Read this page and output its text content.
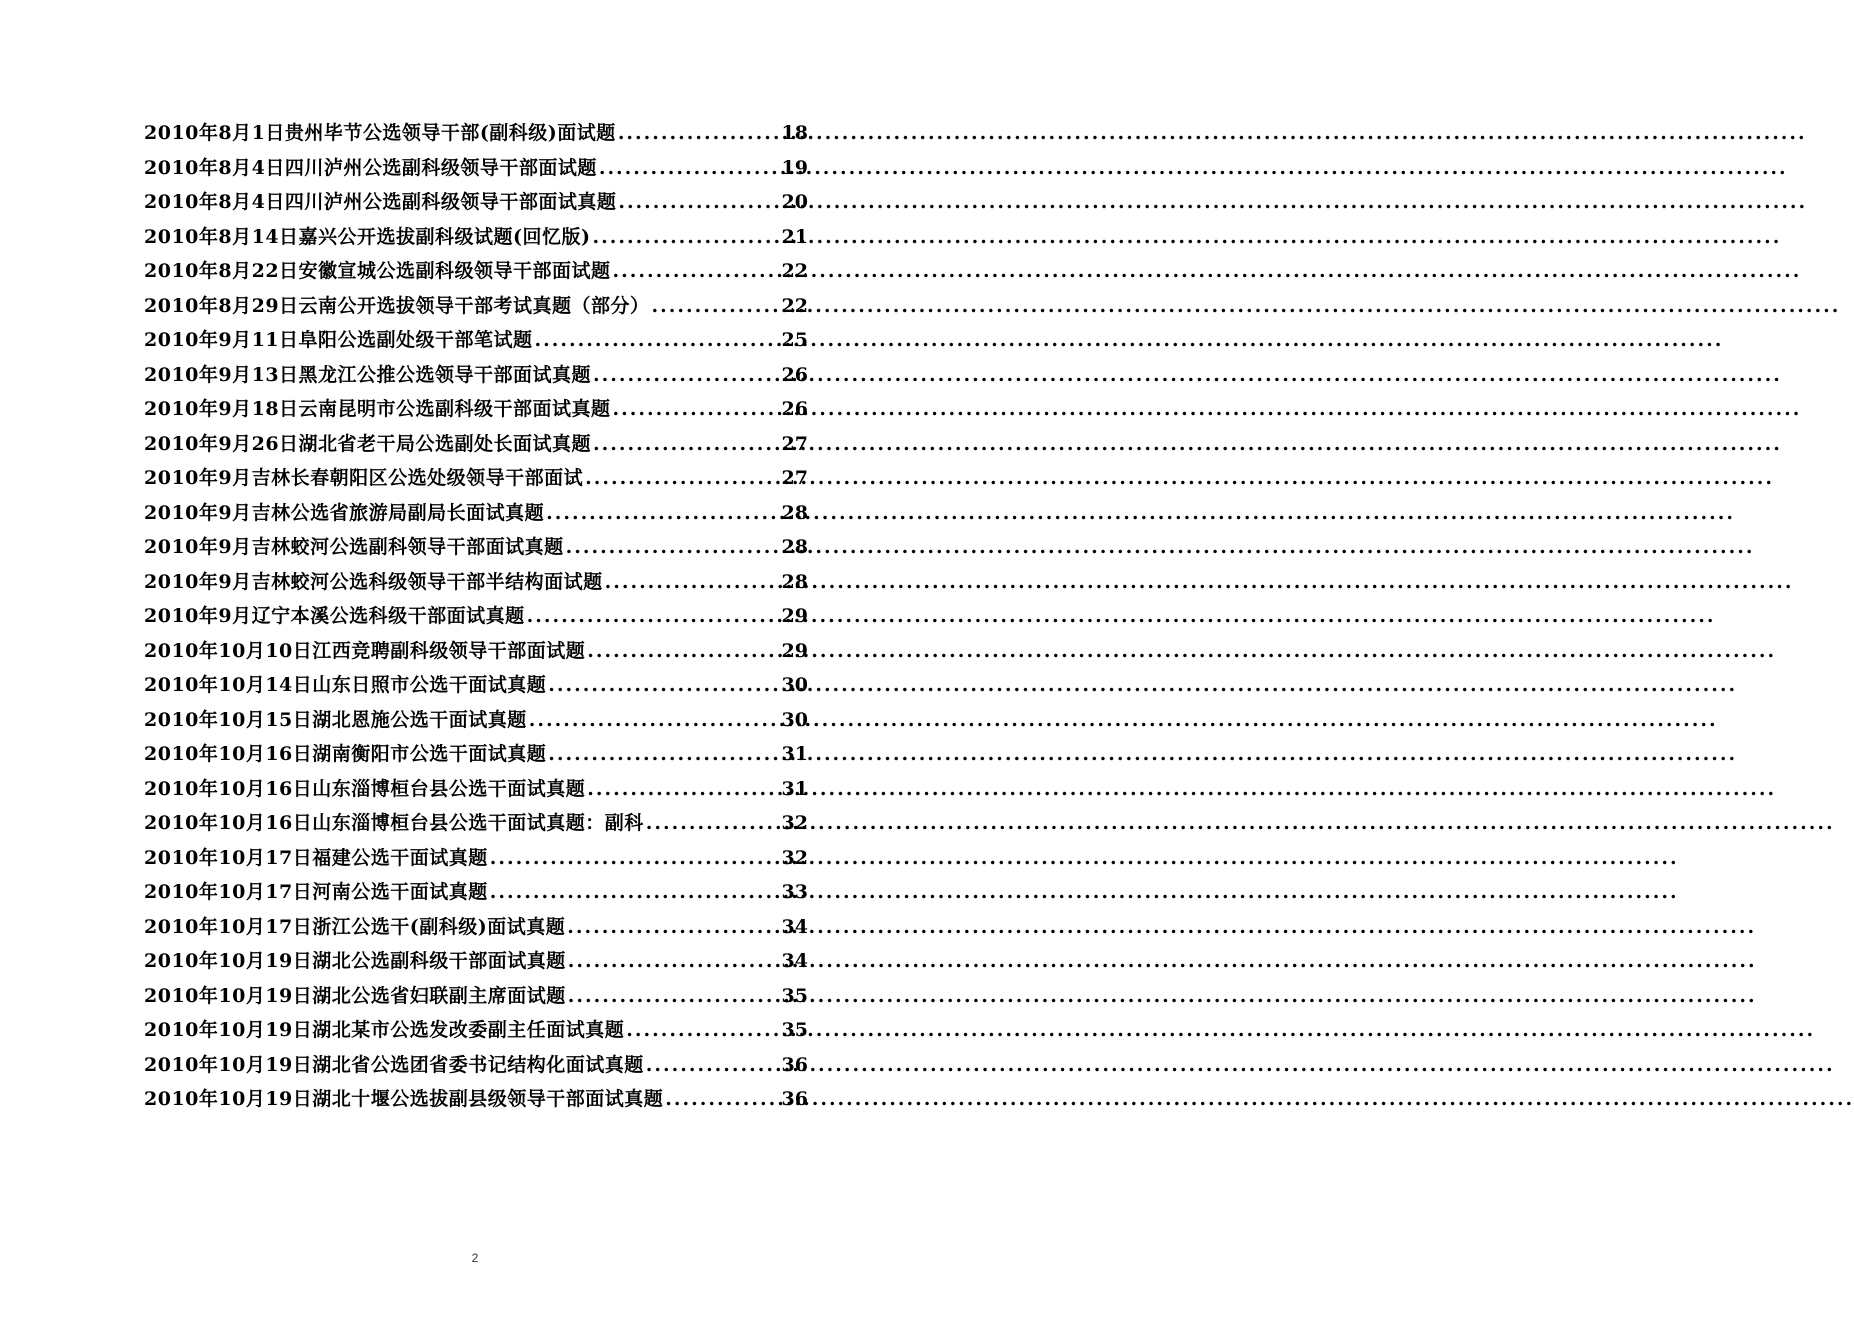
2010年8月1日贵州毕节公选领导干部(副科级)面试题 .....	18
2010年8月4日四川泸州公选副科级领导干部面试题 .....	19
2010年8月4日四川泸州公选副科级领导干部面试真题 .....	20
2010年8月14日嘉兴公开选拔副科级试题(回忆版) .....	21
2010年8月22日安徽宣城公选副科级领导干部面试题 .....	22
2010年8月29日云南公开选拔领导干部考试真题（部分） .....	22
2010年9月11日阜阳公选副处级干部笔试题 .....	25
2010年9月13日黑龙江公推公选领导干部面试真题 .....	26
2010年9月18日云南昆明市公选副科级干部面试真题 .....	26
2010年9月26日湖北省老干局公选副处长面试真题 .....	27
2010年9月吉林长春朝阳区公选处级领导干部面试 .....	27
2010年9月吉林公选省旅游局副局长面试真题 .....	28
2010年9月吉林蛟河公选副科领导干部面试真题 .....	28
2010年9月吉林蛟河公选科级领导干部半结构面试题 .....	28
2010年9月辽宁本溪公选科级干部面试真题 .....	29
2010年10月10日江西竞聘副科级领导干部面试题 .....	29
2010年10月14日山东日照市公选干面试真题 .....	30
2010年10月15日湖北恩施公选干面试真题 .....	30
2010年10月16日湖南衡阳市公选干面试真题 .....	31
2010年10月16日山东淄博桓台县公选干面试真题 .....	31
2010年10月16日山东淄博桓台县公选干面试真题：副科 .....	32
2010年10月17日福建公选干面试真题 .....	32
2010年10月17日河南公选干面试真题 .....	33
2010年10月17日浙江公选干(副科级)面试真题 .....	34
2010年10月19日湖北公选副科级干部面试真题 .....	34
2010年10月19日湖北公选省妇联副主席面试题 .....	35
2010年10月19日湖北某市公选发改委副主任面试真题 .....	35
2010年10月19日湖北省公选团省委书记结构化面试真题 .....	36
2010年10月19日湖北十堰公选拔副县级领导干部面试真题 .....	36
2
